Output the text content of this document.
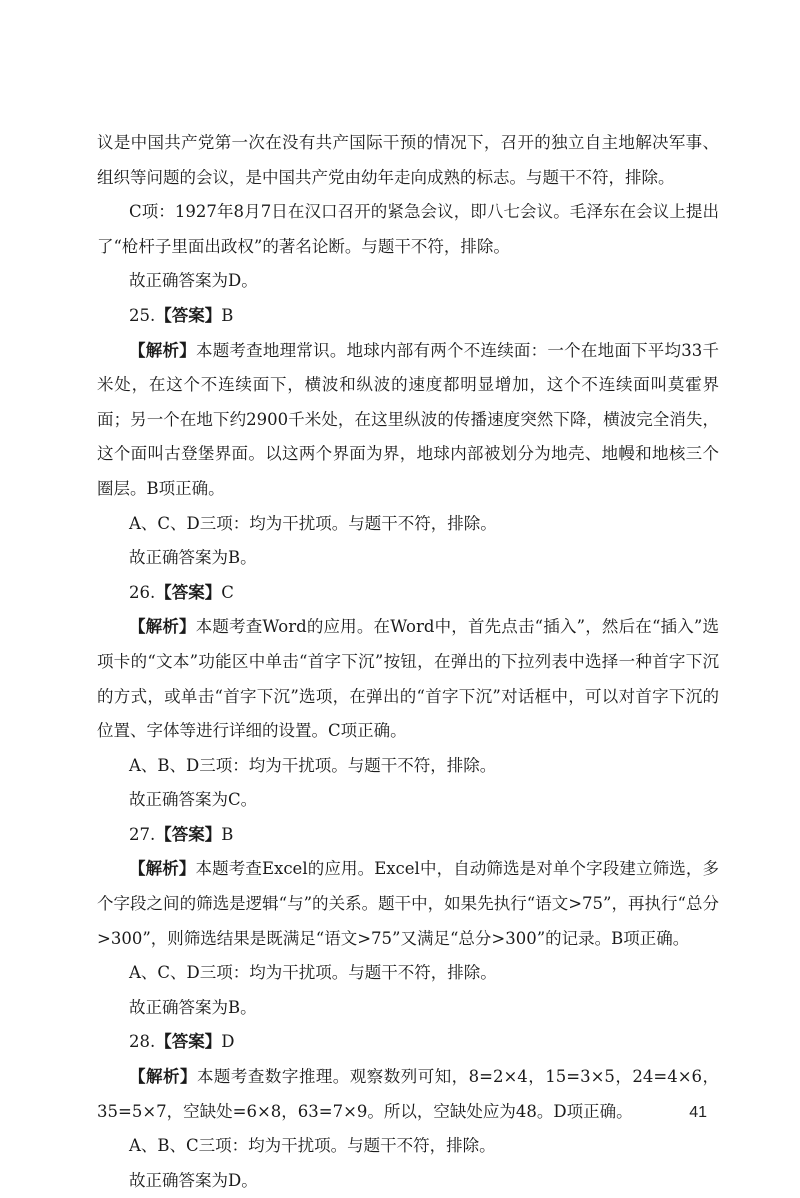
议是中国共产党第一次在没有共产国际干预的情况下，召开的独立自主地解决军事、组织等问题的会议，是中国共产党由幼年走向成熟的标志。与题干不符，排除。

C项：1927年8月7日在汉口召开的紧急会议，即八七会议。毛泽东在会议上提出了“枪杆子里面出政权”的著名论断。与题干不符，排除。

故正确答案为D。

25.【答案】B

【解析】本题考查地理常识。地球内部有两个不连续面：一个在地面下平均33千米处，在这个不连续面下，横波和纵波的速度都明显增加，这个不连续面叫莫霍界面；另一个在地下约2900千米处，在这里纵波的传播速度突然下降，横波完全消失，这个面叫古登堡界面。以这两个界面为界，地球内部被划分为地壳、地幔和地核三个圈层。B项正确。

A、C、D三项：均为干扰项。与题干不符，排除。

故正确答案为B。

26.【答案】C

【解析】本题考查Word的应用。在Word中，首先点击“插入”，然后在“插入”选项卡的“文本”功能区中单击“首字下沉”按钮，在弹出的下拉列表中选择一种首字下沉的方式，或单击“首字下沉”选项，在弹出的“首字下沉”对话框中，可以对首字下沉的位置、字体等进行详细的设置。C项正确。

A、B、D三项：均为干扰项。与题干不符，排除。

故正确答案为C。

27.【答案】B

【解析】本题考查Excel的应用。Excel中，自动筛选是对单个字段建立筛选，多个字段之间的筛选是逻辑“与”的关系。题干中，如果先执行“语文>75”，再执行“总分>300”，则筛选结果是既满足“语文>75”又满足“总分>300”的记录。B项正确。

A、C、D三项：均为干扰项。与题干不符，排除。

故正确答案为B。

28.【答案】D

【解析】本题考查数字推理。观察数列可知，8=2×4，15=3×5，24=4×6，35=5×7，空缺处=6×8，63=7×9。所以，空缺处应为48。D项正确。

A、B、C三项：均为干扰项。与题干不符，排除。

故正确答案为D。

41
